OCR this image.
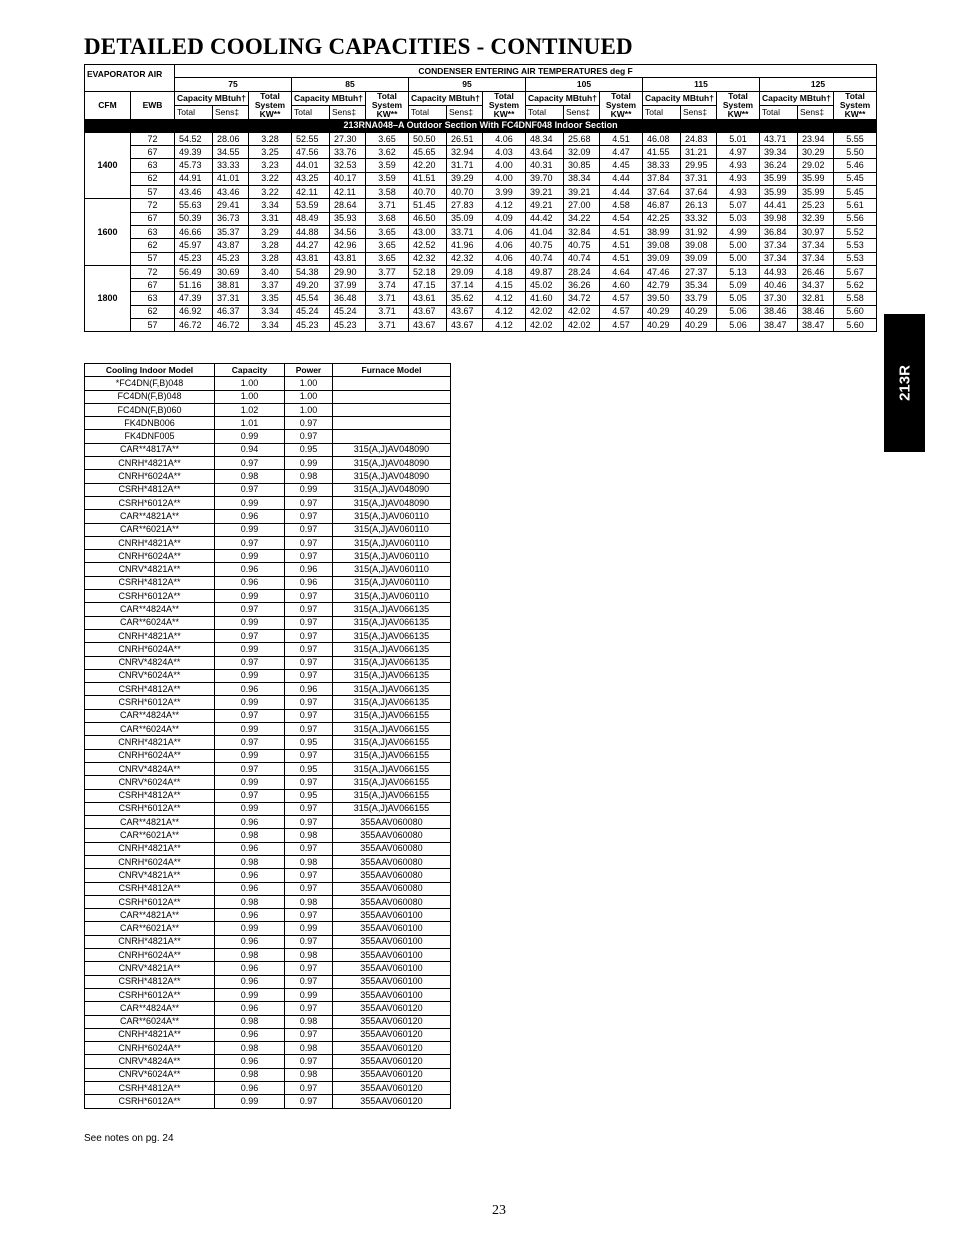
DETAILED COOLING CAPACITIES - CONTINUED
EVAPORATOR AIR		CONDENSER ENTERING AIR TEMPERATURES deg F																	
		75			85			95			105			115			125		
CFM	EWB	Capacity MBtuh†		Total System KW**	Capacity MBtuh†		Total System KW**	Capacity MBtuh†		Total System KW**	Capacity MBtuh†		Total System KW**	Capacity MBtuh†		Total System KW**	Capacity MBtuh†		Total System KW**
		Total	Sens‡		Total	Sens‡		Total	Sens‡		Total	Sens‡		Total	Sens‡		Total	Sens‡	
213RNA048–A Outdoor Section With FC4DNF048 Indoor Section																			
1400	72	54.52	28.06	3.28	52.55	27.30	3.65	50.50	26.51	4.06	48.34	25.68	4.51	46.08	24.83	5.01	43.71	23.94	5.55
	67	49.39	34.55	3.25	47.56	33.76	3.62	45.65	32.94	4.03	43.64	32.09	4.47	41.55	31.21	4.97	39.34	30.29	5.50
	63	45.73	33.33	3.23	44.01	32.53	3.59	42.20	31.71	4.00	40.31	30.85	4.45	38.33	29.95	4.93	36.24	29.02	5.46
	62	44.91	41.01	3.22	43.25	40.17	3.59	41.51	39.29	4.00	39.70	38.34	4.44	37.84	37.31	4.93	35.99	35.99	5.45
	57	43.46	43.46	3.22	42.11	42.11	3.58	40.70	40.70	3.99	39.21	39.21	4.44	37.64	37.64	4.93	35.99	35.99	5.45
1600	72	55.63	29.41	3.34	53.59	28.64	3.71	51.45	27.83	4.12	49.21	27.00	4.58	46.87	26.13	5.07	44.41	25.23	5.61
	67	50.39	36.73	3.31	48.49	35.93	3.68	46.50	35.09	4.09	44.42	34.22	4.54	42.25	33.32	5.03	39.98	32.39	5.56
	63	46.66	35.37	3.29	44.88	34.56	3.65	43.00	33.71	4.06	41.04	32.84	4.51	38.99	31.92	4.99	36.84	30.97	5.52
	62	45.97	43.87	3.28	44.27	42.96	3.65	42.52	41.96	4.06	40.75	40.75	4.51	39.08	39.08	5.00	37.34	37.34	5.53
	57	45.23	45.23	3.28	43.81	43.81	3.65	42.32	42.32	4.06	40.74	40.74	4.51	39.09	39.09	5.00	37.34	37.34	5.53
1800	72	56.49	30.69	3.40	54.38	29.90	3.77	52.18	29.09	4.18	49.87	28.24	4.64	47.46	27.37	5.13	44.93	26.46	5.67
	67	51.16	38.81	3.37	49.20	37.99	3.74	47.15	37.14	4.15	45.02	36.26	4.60	42.79	35.34	5.09	40.46	34.37	5.62
	63	47.39	37.31	3.35	45.54	36.48	3.71	43.61	35.62	4.12	41.60	34.72	4.57	39.50	33.79	5.05	37.30	32.81	5.58
	62	46.92	46.37	3.34	45.24	45.24	3.71	43.67	43.67	4.12	42.02	42.02	4.57	40.29	40.29	5.06	38.46	38.46	5.60
	57	46.72	46.72	3.34	45.23	45.23	3.71	43.67	43.67	4.12	42.02	42.02	4.57	40.29	40.29	5.06	38.47	38.47	5.60
Cooling Indoor Model	Capacity	Power	Furnace Model
*FC4DN(F,B)048	1.00	1.00	
FC4DN(F,B)048	1.00	1.00	
FC4DN(F,B)060	1.02	1.00	
FK4DNB006	1.01	0.97	
FK4DNF005	0.99	0.97	
CAR**4817A**	0.94	0.95	315(A,J)AV048090
CNRH*4821A**	0.97	0.99	315(A,J)AV048090
CNRH*6024A**	0.98	0.98	315(A,J)AV048090
CSRH*4812A**	0.97	0.99	315(A,J)AV048090
CSRH*6012A**	0.99	0.97	315(A,J)AV048090
CAR**4821A**	0.96	0.97	315(A,J)AV060110
CAR**6021A**	0.99	0.97	315(A,J)AV060110
CNRH*4821A**	0.97	0.97	315(A,J)AV060110
CNRH*6024A**	0.99	0.97	315(A,J)AV060110
CNRV*4821A**	0.96	0.96	315(A,J)AV060110
CSRH*4812A**	0.96	0.96	315(A,J)AV060110
CSRH*6012A**	0.99	0.97	315(A,J)AV060110
CAR**4824A**	0.97	0.97	315(A,J)AV066135
CAR**6024A**	0.99	0.97	315(A,J)AV066135
CNRH*4821A**	0.97	0.97	315(A,J)AV066135
CNRH*6024A**	0.99	0.97	315(A,J)AV066135
CNRV*4824A**	0.97	0.97	315(A,J)AV066135
CNRV*6024A**	0.99	0.97	315(A,J)AV066135
CSRH*4812A**	0.96	0.96	315(A,J)AV066135
CSRH*6012A**	0.99	0.97	315(A,J)AV066135
CAR**4824A**	0.97	0.97	315(A,J)AV066155
CAR**6024A**	0.99	0.97	315(A,J)AV066155
CNRH*4821A**	0.97	0.95	315(A,J)AV066155
CNRH*6024A**	0.99	0.97	315(A,J)AV066155
CNRV*4824A**	0.97	0.95	315(A,J)AV066155
CNRV*6024A**	0.99	0.97	315(A,J)AV066155
CSRH*4812A**	0.97	0.95	315(A,J)AV066155
CSRH*6012A**	0.99	0.97	315(A,J)AV066155
CAR**4821A**	0.96	0.97	355AAV060080
CAR**6021A**	0.98	0.98	355AAV060080
CNRH*4821A**	0.96	0.97	355AAV060080
CNRH*6024A**	0.98	0.98	355AAV060080
CNRV*4821A**	0.96	0.97	355AAV060080
CSRH*4812A**	0.96	0.97	355AAV060080
CSRH*6012A**	0.98	0.98	355AAV060080
CAR**4821A**	0.96	0.97	355AAV060100
CAR**6021A**	0.99	0.99	355AAV060100
CNRH*4821A**	0.96	0.97	355AAV060100
CNRH*6024A**	0.98	0.98	355AAV060100
CNRV*4821A**	0.96	0.97	355AAV060100
CSRH*4812A**	0.96	0.97	355AAV060100
CSRH*6012A**	0.99	0.99	355AAV060100
CAR**4824A**	0.96	0.97	355AAV060120
CAR**6024A**	0.98	0.98	355AAV060120
CNRH*4821A**	0.96	0.97	355AAV060120
CNRH*6024A**	0.98	0.98	355AAV060120
CNRV*4824A**	0.96	0.97	355AAV060120
CNRV*6024A**	0.98	0.98	355AAV060120
CSRH*4812A**	0.96	0.97	355AAV060120
CSRH*6012A**	0.99	0.97	355AAV060120
See notes on pg. 24
23
213R
